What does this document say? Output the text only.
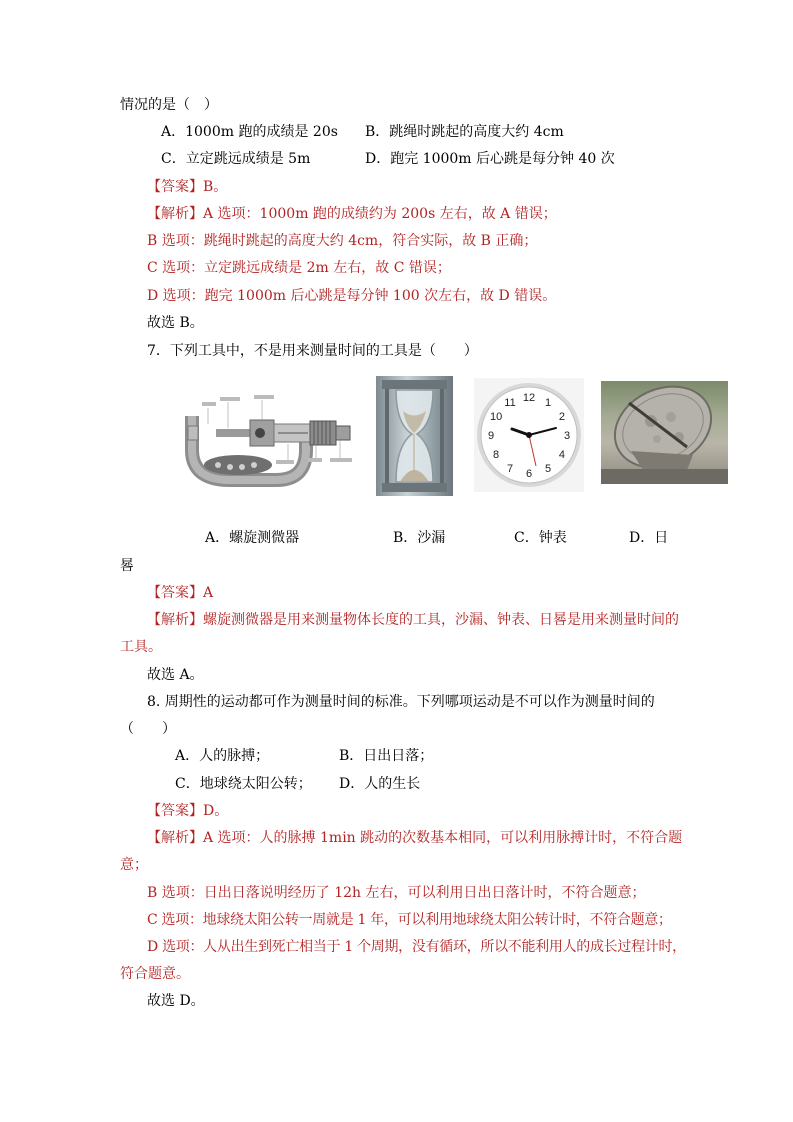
情况的是（　）
A．1000m 跑的成绩是 20s B．跳绳时跳起的高度大约 4cm
C．立定跳远成绩是 5m	D．跑完 1000m 后心跳是每分钟 40 次
【答案】B。
【解析】A 选项：1000m 跑的成绩约为 200s 左右，故 A 错误；
B 选项：跳绳时跳起的高度大约 4cm，符合实际，故 B 正确；
C 选项：立定跳远成绩是 2m 左右，故 C 错误；
D 选项：跑完 1000m 后心跳是每分钟 100 次左右，故 D 错误。
故选 B。
7．下列工具中，不是用来测量时间的工具是（　　）
12 1
2
3
4
5
6
7
8
9
10
11
A．螺旋测微器	B．沙漏	C．钟表	D．日
晷
【答案】A
【解析】螺旋测微器是用来测量物体长度的工具，沙漏、钟表、日晷是用来测量时间的
工具。
故选 A。
8. 周期性的运动都可作为测量时间的标准。下列哪项运动是不可以作为测量时间的
（　　）
A．人的脉搏；	B．日出日落；
C．地球绕太阳公转； D．人的生长
【答案】D。
【解析】A 选项：人的脉搏 1min 跳动的次数基本相同，可以利用脉搏计时，不符合题
意；
B 选项：日出日落说明经历了 12h 左右，可以利用日出日落计时，不符合题意；
C 选项：地球绕太阳公转一周就是 1 年，可以利用地球绕太阳公转计时，不符合题意；
D 选项：人从出生到死亡相当于 1 个周期，没有循环，所以不能利用人的成长过程计时，
符合题意。
故选 D。
